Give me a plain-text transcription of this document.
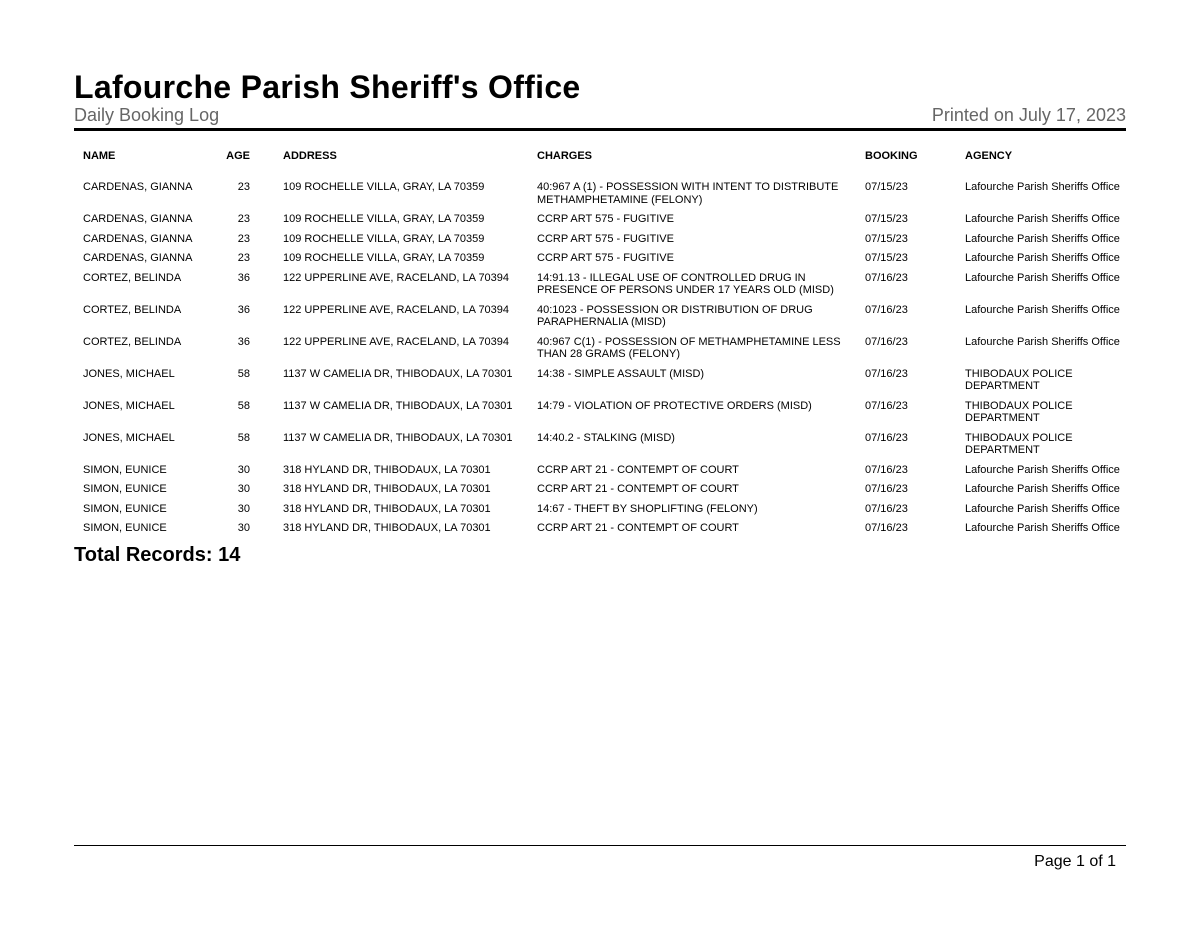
Lafourche Parish Sheriff's Office
Daily Booking Log	Printed on July 17, 2023
NAME	AGE	ADDRESS	CHARGES	BOOKING	AGENCY
CARDENAS, GIANNA	23	109 ROCHELLE VILLA, GRAY, LA 70359	40:967 A (1) - POSSESSION WITH INTENT TO DISTRIBUTE METHAMPHETAMINE (FELONY)	07/15/23	Lafourche Parish Sheriffs Office
CARDENAS, GIANNA	23	109 ROCHELLE VILLA, GRAY, LA 70359	CCRP ART 575 - FUGITIVE	07/15/23	Lafourche Parish Sheriffs Office
CARDENAS, GIANNA	23	109 ROCHELLE VILLA, GRAY, LA 70359	CCRP ART 575 - FUGITIVE	07/15/23	Lafourche Parish Sheriffs Office
CARDENAS, GIANNA	23	109 ROCHELLE VILLA, GRAY, LA 70359	CCRP ART 575 - FUGITIVE	07/15/23	Lafourche Parish Sheriffs Office
CORTEZ, BELINDA	36	122 UPPERLINE AVE, RACELAND, LA 70394	14:91.13 - ILLEGAL USE OF CONTROLLED DRUG IN PRESENCE OF PERSONS UNDER 17 YEARS OLD (MISD)	07/16/23	Lafourche Parish Sheriffs Office
CORTEZ, BELINDA	36	122 UPPERLINE AVE, RACELAND, LA 70394	40:1023 - POSSESSION OR DISTRIBUTION OF DRUG PARAPHERNALIA (MISD)	07/16/23	Lafourche Parish Sheriffs Office
CORTEZ, BELINDA	36	122 UPPERLINE AVE, RACELAND, LA 70394	40:967 C(1) - POSSESSION OF METHAMPHETAMINE LESS THAN 28 GRAMS (FELONY)	07/16/23	Lafourche Parish Sheriffs Office
JONES, MICHAEL	58	1137 W CAMELIA DR, THIBODAUX, LA 70301	14:38 - SIMPLE ASSAULT (MISD)	07/16/23	THIBODAUX POLICE DEPARTMENT
JONES, MICHAEL	58	1137 W CAMELIA DR, THIBODAUX, LA 70301	14:79 - VIOLATION OF PROTECTIVE ORDERS (MISD)	07/16/23	THIBODAUX POLICE DEPARTMENT
JONES, MICHAEL	58	1137 W CAMELIA DR, THIBODAUX, LA 70301	14:40.2 - STALKING (MISD)	07/16/23	THIBODAUX POLICE DEPARTMENT
SIMON, EUNICE	30	318 HYLAND DR, THIBODAUX, LA 70301	CCRP ART 21 - CONTEMPT OF COURT	07/16/23	Lafourche Parish Sheriffs Office
SIMON, EUNICE	30	318 HYLAND DR, THIBODAUX, LA 70301	CCRP ART 21 - CONTEMPT OF COURT	07/16/23	Lafourche Parish Sheriffs Office
SIMON, EUNICE	30	318 HYLAND DR, THIBODAUX, LA 70301	14:67 - THEFT BY SHOPLIFTING (FELONY)	07/16/23	Lafourche Parish Sheriffs Office
SIMON, EUNICE	30	318 HYLAND DR, THIBODAUX, LA 70301	CCRP ART 21 - CONTEMPT OF COURT	07/16/23	Lafourche Parish Sheriffs Office
Total Records: 14
Page 1 of 1
